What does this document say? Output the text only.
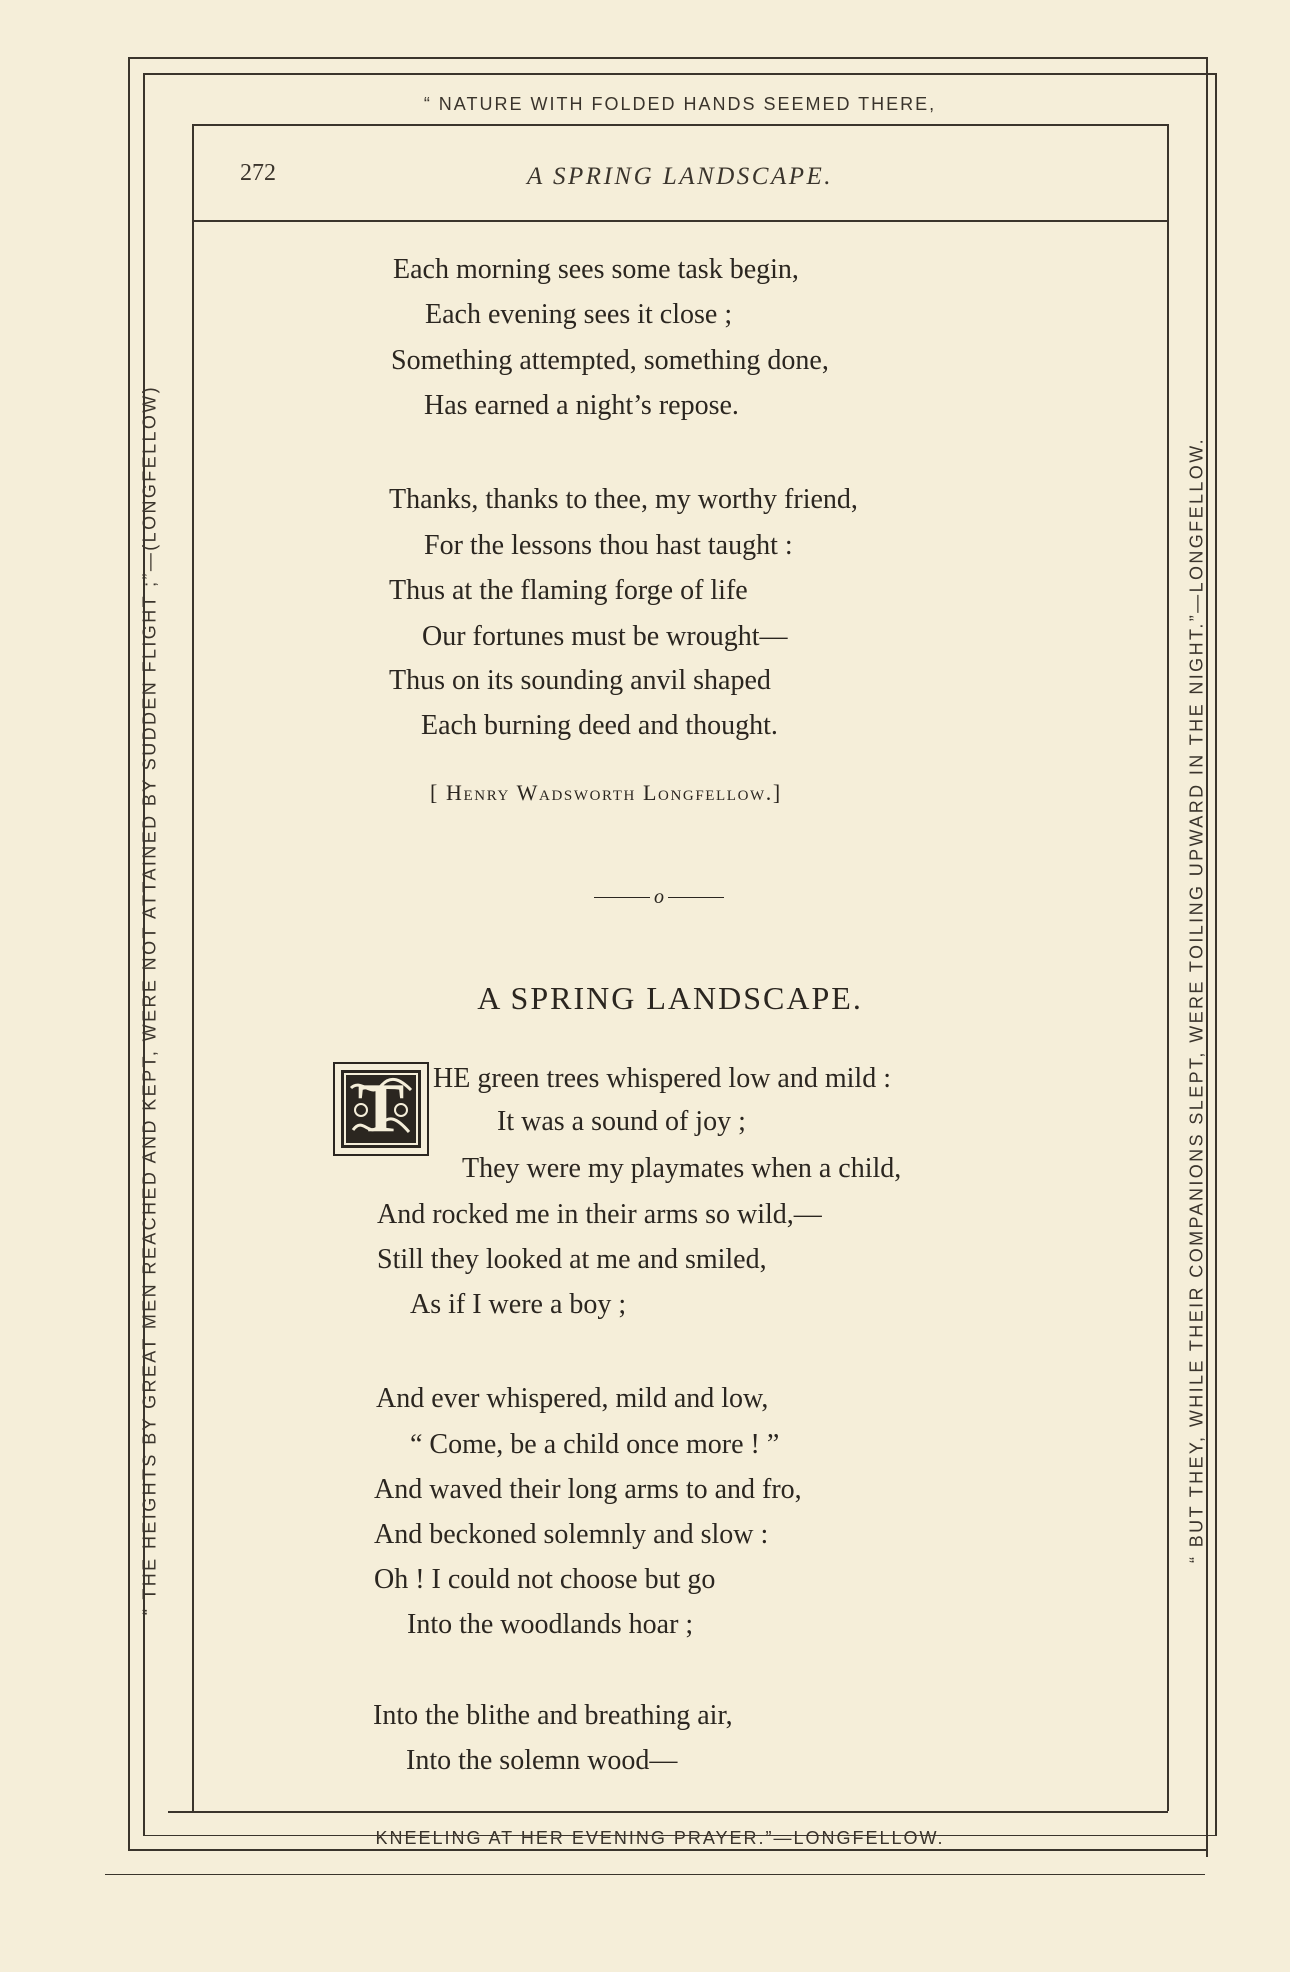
“ NATURE WITH FOLDED HANDS SEEMED THERE,
KNEELING AT HER EVENING PRAYER.”—LONGFELLOW.
“ THE HEIGHTS BY GREAT MEN REACHED AND KEPT, WERE NOT ATTAINED BY SUDDEN FLIGHT ;”—(LONGFELLOW)	“ BUT THEY, WHILE THEIR COMPANIONS SLEPT, WERE TOILING UPWARD IN THE NIGHT.”—LONGFELLOW.
272	A SPRING LANDSCAPE.
Each morning sees some task begin,
Each evening sees it close ;
Something attempted, something done,
Has earned a night’s repose.
Thanks, thanks to thee, my worthy friend,
For the lessons thou hast taught :
Thus at the flaming forge of life
Our fortunes must be wrought—
Thus on its sounding anvil shaped
Each burning deed and thought.
[ Henry Wadsworth Longfellow.]
o
A SPRING LANDSCAPE.
T HE green trees whispered low and mild :
It was a sound of joy ;
They were my playmates when a child,
And rocked me in their arms so wild,—
Still they looked at me and smiled,
As if I were a boy ;
And ever whispered, mild and low,
“ Come, be a child once more ! ”
And waved their long arms to and fro,
And beckoned solemnly and slow :
Oh ! I could not choose but go
Into the woodlands hoar ;
Into the blithe and breathing air,
Into the solemn wood—
